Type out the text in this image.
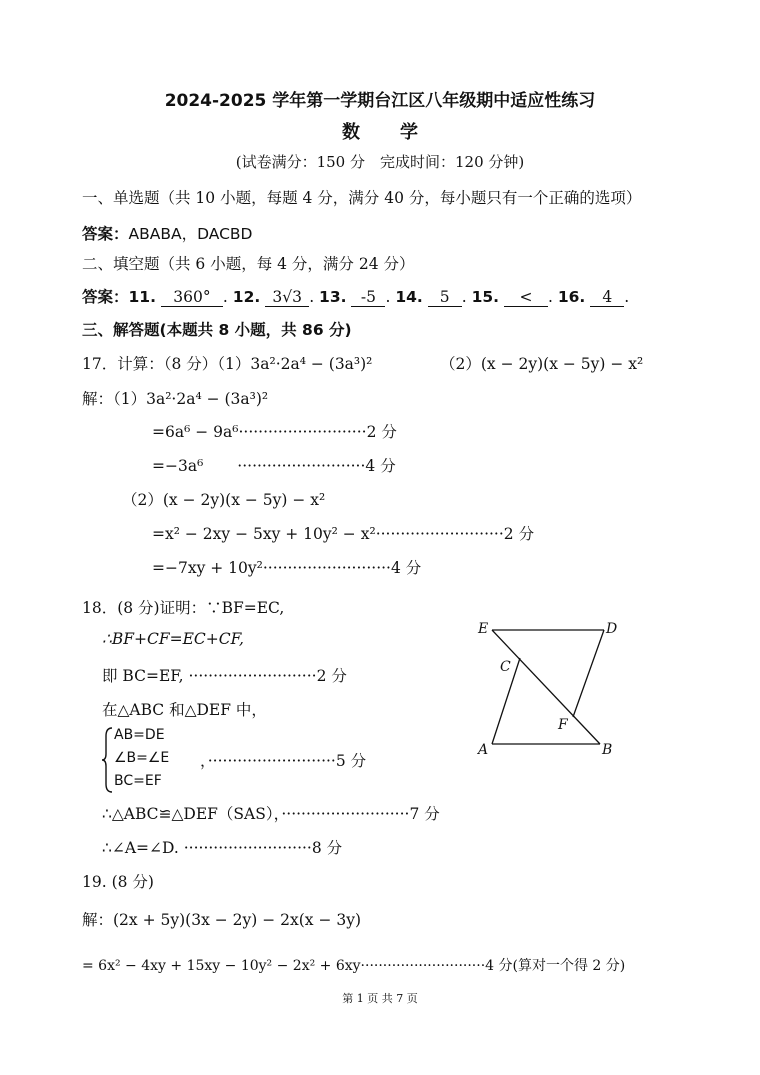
2024-2025 学年第一学期台江区八年级期中适应性练习
数学
(试卷满分：150 分　完成时间：120 分钟)
一、单选题（共 10 小题，每题 4 分，满分 40 分，每小题只有一个正确的选项）
答案：ABABA，DACBD
二、填空题（共 6 小题，每 4 分，满分 24 分）
答案：11. 360° . 12. 3√3 . 13. -5 . 14. 5 . 15. < . 16. 4 .
三、解答题(本题共 8 小题，共 86 分)
17．计算：（8 分）（1）3a²·2a⁴ − (3a³)²	（2）(x − 2y)(x − 5y) − x²
解：（1）3a²·2a⁴ − (3a³)²
=6a⁶ − 9a⁶··························2 分
=−3a⁶ ··························4 分
（2）(x − 2y)(x − 5y) − x²
=x² − 2xy − 5xy + 10y² − x²··························2 分
=−7xy + 10y²··························4 分
18．(8 分)证明：∵BF=EC,
∴BF+CF=EC+CF,
即 BC=EF, ··························2 分
在△ABC 和△DEF 中，
AB=DE
∠B=∠E
BC=EF
，··························5 分
∴△ABC≌△DEF（SAS），··························7 分
∴∠A=∠D. ··························8 分
E	D
C
F
A	B
19. (8 分)
解：(2x + 5y)(3x − 2y) − 2x(x − 3y)
= 6x² − 4xy + 15xy − 10y² − 2x² + 6xy····························4 分(算对一个得 2 分)
第 1 页 共 7 页
